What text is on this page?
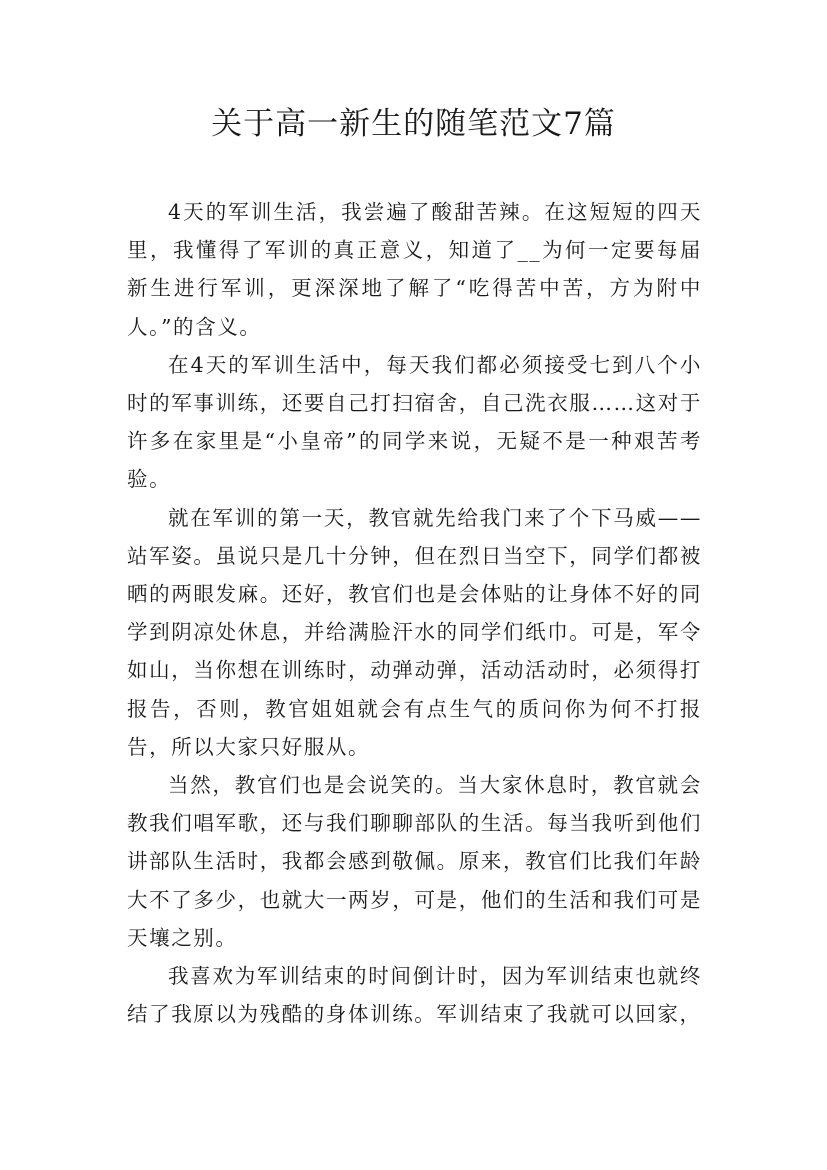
关于高一新生的随笔范文7篇

4天的军训生活，我尝遍了酸甜苦辣。在这短短的四天里，我懂得了军训的真正意义，知道了__为何一定要每届新生进行军训，更深深地了解了“吃得苦中苦，方为附中人。”的含义。

在4天的军训生活中，每天我们都必须接受七到八个小时的军事训练，还要自己打扫宿舍，自己洗衣服……这对于许多在家里是“小皇帝”的同学来说，无疑不是一种艰苦考验。

就在军训的第一天，教官就先给我门来了个下马威——站军姿。虽说只是几十分钟，但在烈日当空下，同学们都被晒的两眼发麻。还好，教官们也是会体贴的让身体不好的同学到阴凉处休息，并给满脸汗水的同学们纸巾。可是，军令如山，当你想在训练时，动弹动弹，活动活动时，必须得打报告，否则，教官姐姐就会有点生气的质问你为何不打报告，所以大家只好服从。

当然，教官们也是会说笑的。当大家休息时，教官就会教我们唱军歌，还与我们聊聊部队的生活。每当我听到他们讲部队生活时，我都会感到敬佩。原来，教官们比我们年龄大不了多少，也就大一两岁，可是，他们的生活和我们可是天壤之别。

我喜欢为军训结束的时间倒计时，因为军训结束也就终结了我原以为残酷的身体训练。军训结束了我就可以回家，
